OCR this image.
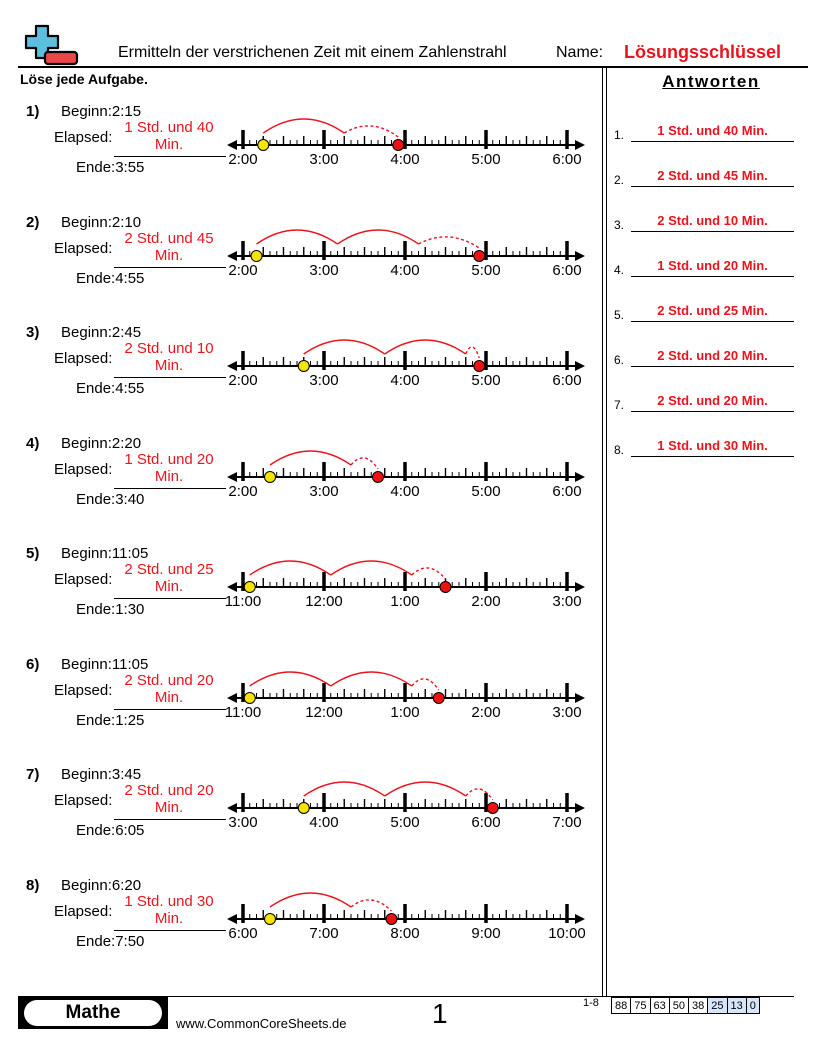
Ermitteln der verstrichenen Zeit mit einem Zahlenstrahl	Name: Lösungsschlüssel
Löse jede Aufgabe.	Antworten
1.	1 Std. und 40 Min.
2.	2 Std. und 45 Min.
3.	2 Std. und 10 Min.
4.	1 Std. und 20 Min.
5.	2 Std. und 25 Min.
6.	2 Std. und 20 Min.
7.	2 Std. und 20 Min.
8.	1 Std. und 30 Min.
1) Beginn:2:15
Elapsed:
1 Std. und 40 Min.
Ende:3:55	2:00	3:00	4:00	5:00	6:00
2) Beginn:2:10
Elapsed:
2 Std. und 45 Min.
Ende:4:55	2:00	3:00	4:00	5:00	6:00
3) Beginn:2:45
Elapsed:
2 Std. und 10 Min.
Ende:4:55	2:00	3:00	4:00	5:00	6:00
4) Beginn:2:20
Elapsed:
1 Std. und 20 Min.
Ende:3:40	2:00	3:00	4:00	5:00	6:00
5) Beginn:11:05
Elapsed:
2 Std. und 25 Min.
Ende:1:30	11:00	12:00	1:00	2:00	3:00
6) Beginn:11:05
Elapsed:
2 Std. und 20 Min.
Ende:1:25	11:00	12:00	1:00	2:00	3:00
7) Beginn:3:45
Elapsed:
2 Std. und 20 Min.
Ende:6:05	3:00	4:00	5:00	6:00	7:00
8) Beginn:6:20
Elapsed:
1 Std. und 30 Min.
Ende:7:50	6:00	7:00	8:00	9:00	10:00
Mathe
www.CommonCoreSheets.de	1	1-8 88	75	63	50	38	25	13	0
